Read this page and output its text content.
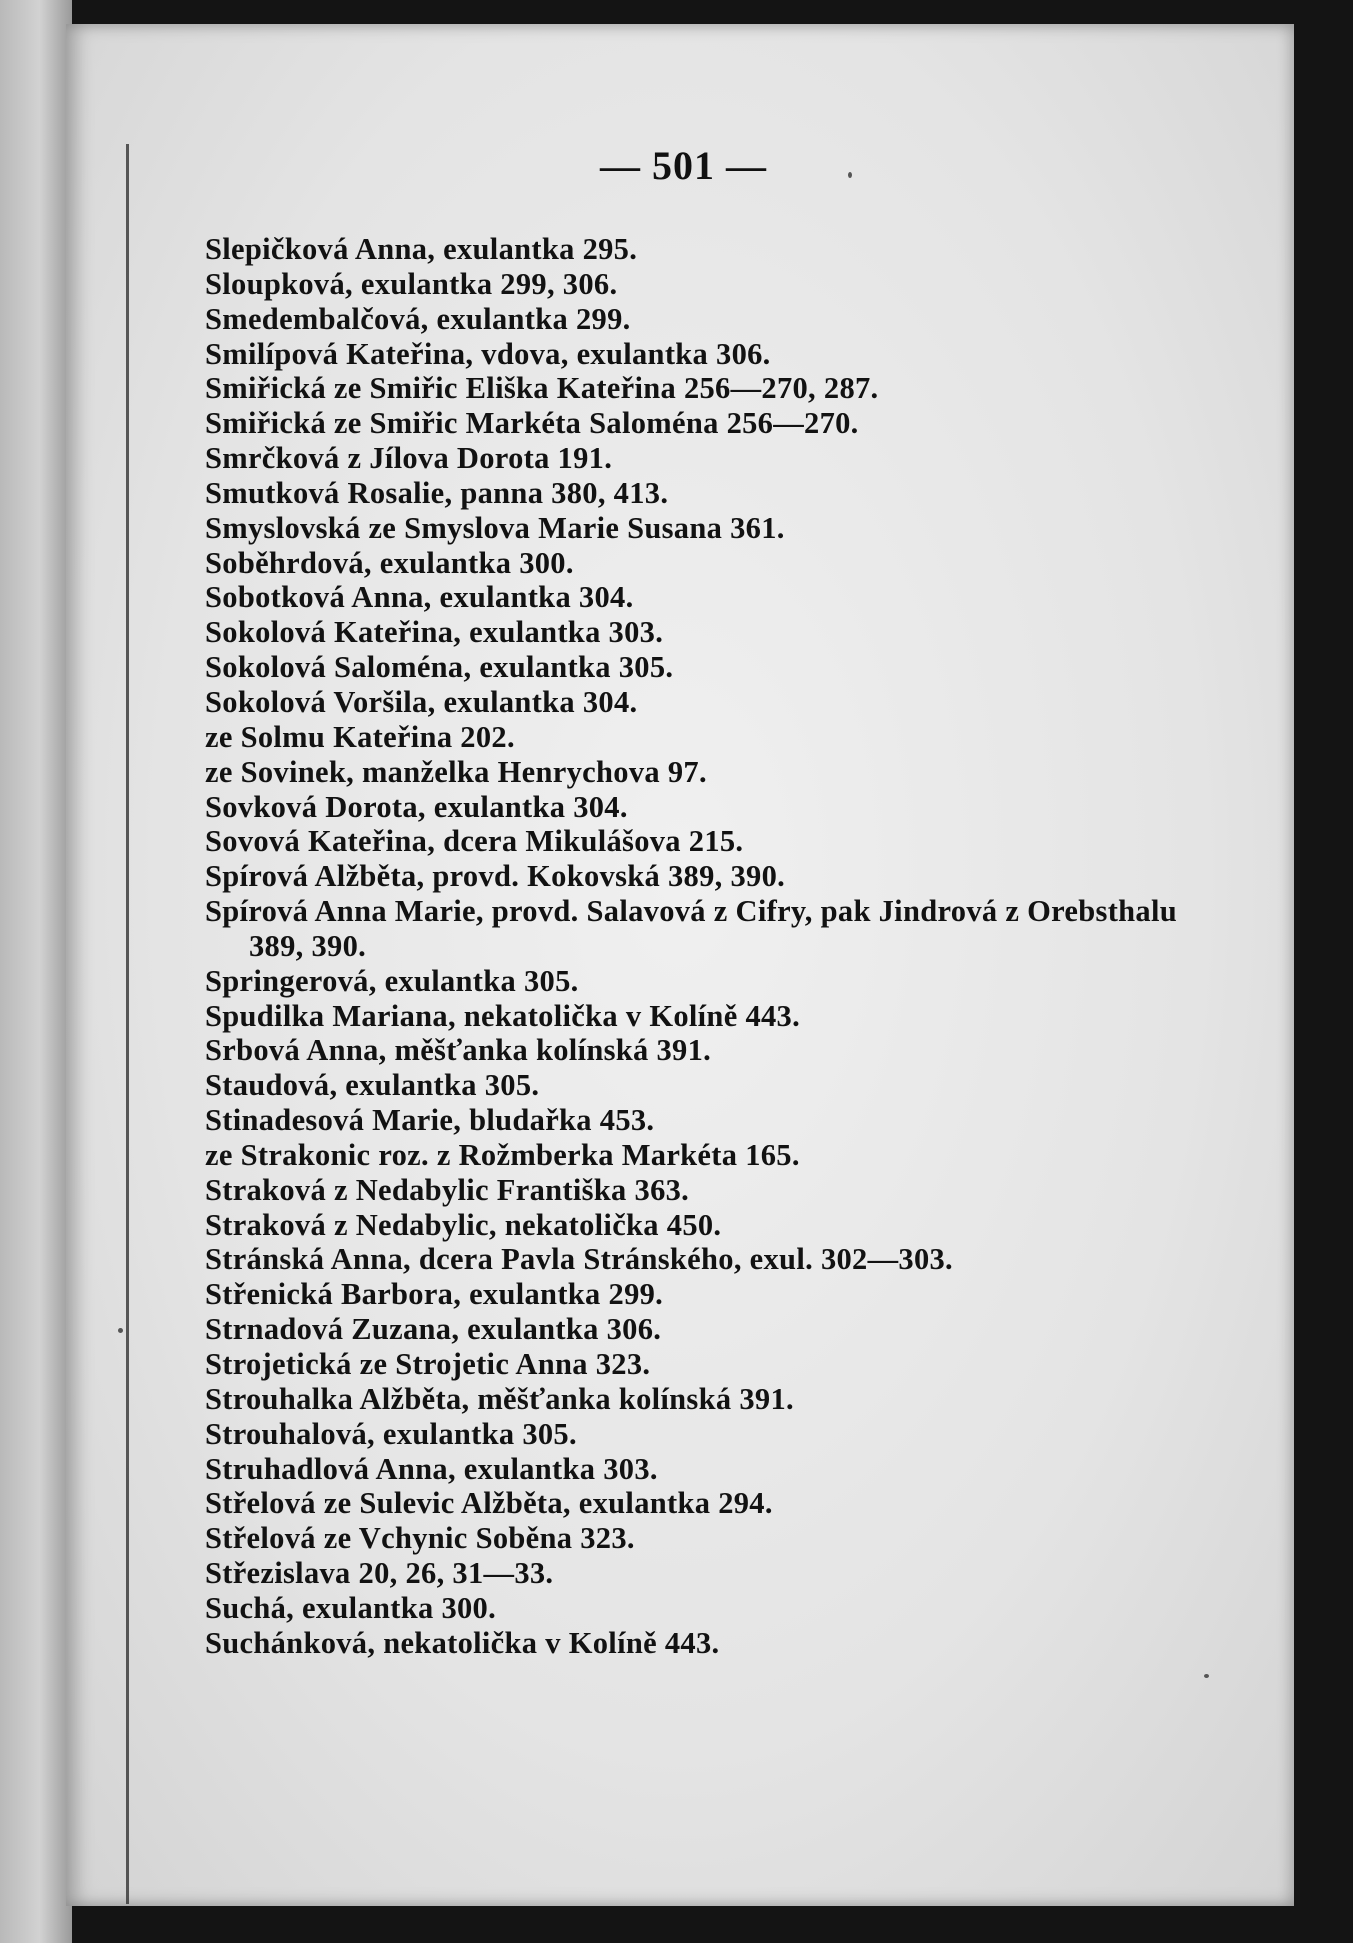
— 501 —
Slepičková Anna, exulantka 295.
Sloupková, exulantka 299, 306.
Smedembalčová, exulantka 299.
Smilípová Kateřina, vdova, exulantka 306.
Smiřická ze Smiřic Eliška Kateřina 256—270, 287.
Smiřická ze Smiřic Markéta Saloména 256—270.
Smrčková z Jílova Dorota 191.
Smutková Rosalie, panna 380, 413.
Smyslovská ze Smyslova Marie Susana 361.
Soběhrdová, exulantka 300.
Sobotková Anna, exulantka 304.
Sokolová Kateřina, exulantka 303.
Sokolová Saloména, exulantka 305.
Sokolová Voršila, exulantka 304.
ze Solmu Kateřina 202.
ze Sovinek, manželka Henrychova 97.
Sovková Dorota, exulantka 304.
Sovová Kateřina, dcera Mikulášova 215.
Spírová Alžběta, provd. Kokovská 389, 390.
Spírová Anna Marie, provd. Salavová z Cifry, pak Jindrová z Orebsthalu 389, 390.
Springerová, exulantka 305.
Spudilka Mariana, nekatolička v Kolíně 443.
Srbová Anna, měšťanka kolínská 391.
Staudová, exulantka 305.
Stinadesová Marie, bludařka 453.
ze Strakonic roz. z Rožmberka Markéta 165.
Straková z Nedabylic Františka 363.
Straková z Nedabylic, nekatolička 450.
Stránská Anna, dcera Pavla Stránského, exul. 302—303.
Střenická Barbora, exulantka 299.
Strnadová Zuzana, exulantka 306.
Strojetická ze Strojetic Anna 323.
Strouhalka Alžběta, měšťanka kolínská 391.
Strouhalová, exulantka 305.
Struhadlová Anna, exulantka 303.
Střelová ze Sulevic Alžběta, exulantka 294.
Střelová ze Vchynic Soběna 323.
Střezislava 20, 26, 31—33.
Suchá, exulantka 300.
Suchánková, nekatolička v Kolíně 443.
